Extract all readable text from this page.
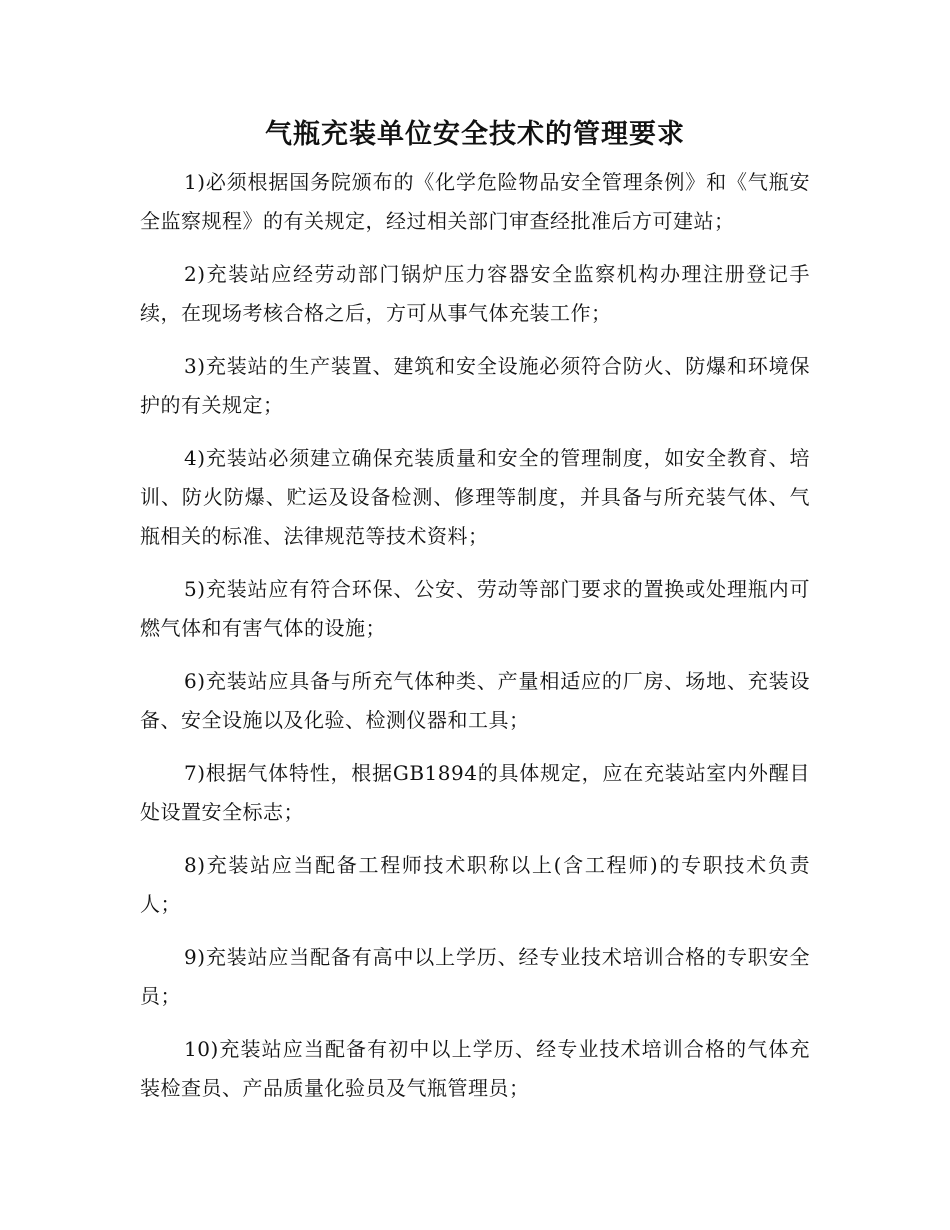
气瓶充装单位安全技术的管理要求

1)必须根据国务院颁布的《化学危险物品安全管理条例》和《气瓶安全监察规程》的有关规定，经过相关部门审查经批准后方可建站；

2)充装站应经劳动部门锅炉压力容器安全监察机构办理注册登记手续，在现场考核合格之后，方可从事气体充装工作；

3)充装站的生产装置、建筑和安全设施必须符合防火、防爆和环境保护的有关规定；

4)充装站必须建立确保充装质量和安全的管理制度，如安全教育、培训、防火防爆、贮运及设备检测、修理等制度，并具备与所充装气体、气瓶相关的标准、法律规范等技术资料；

5)充装站应有符合环保、公安、劳动等部门要求的置换或处理瓶内可燃气体和有害气体的设施；

6)充装站应具备与所充气体种类、产量相适应的厂房、场地、充装设备、安全设施以及化验、检测仪器和工具；

7)根据气体特性，根据GB1894的具体规定，应在充装站室内外醒目处设置安全标志；

8)充装站应当配备工程师技术职称以上(含工程师)的专职技术负责人；

9)充装站应当配备有高中以上学历、经专业技术培训合格的专职安全员；

10)充装站应当配备有初中以上学历、经专业技术培训合格的气体充装检查员、产品质量化验员及气瓶管理员；
